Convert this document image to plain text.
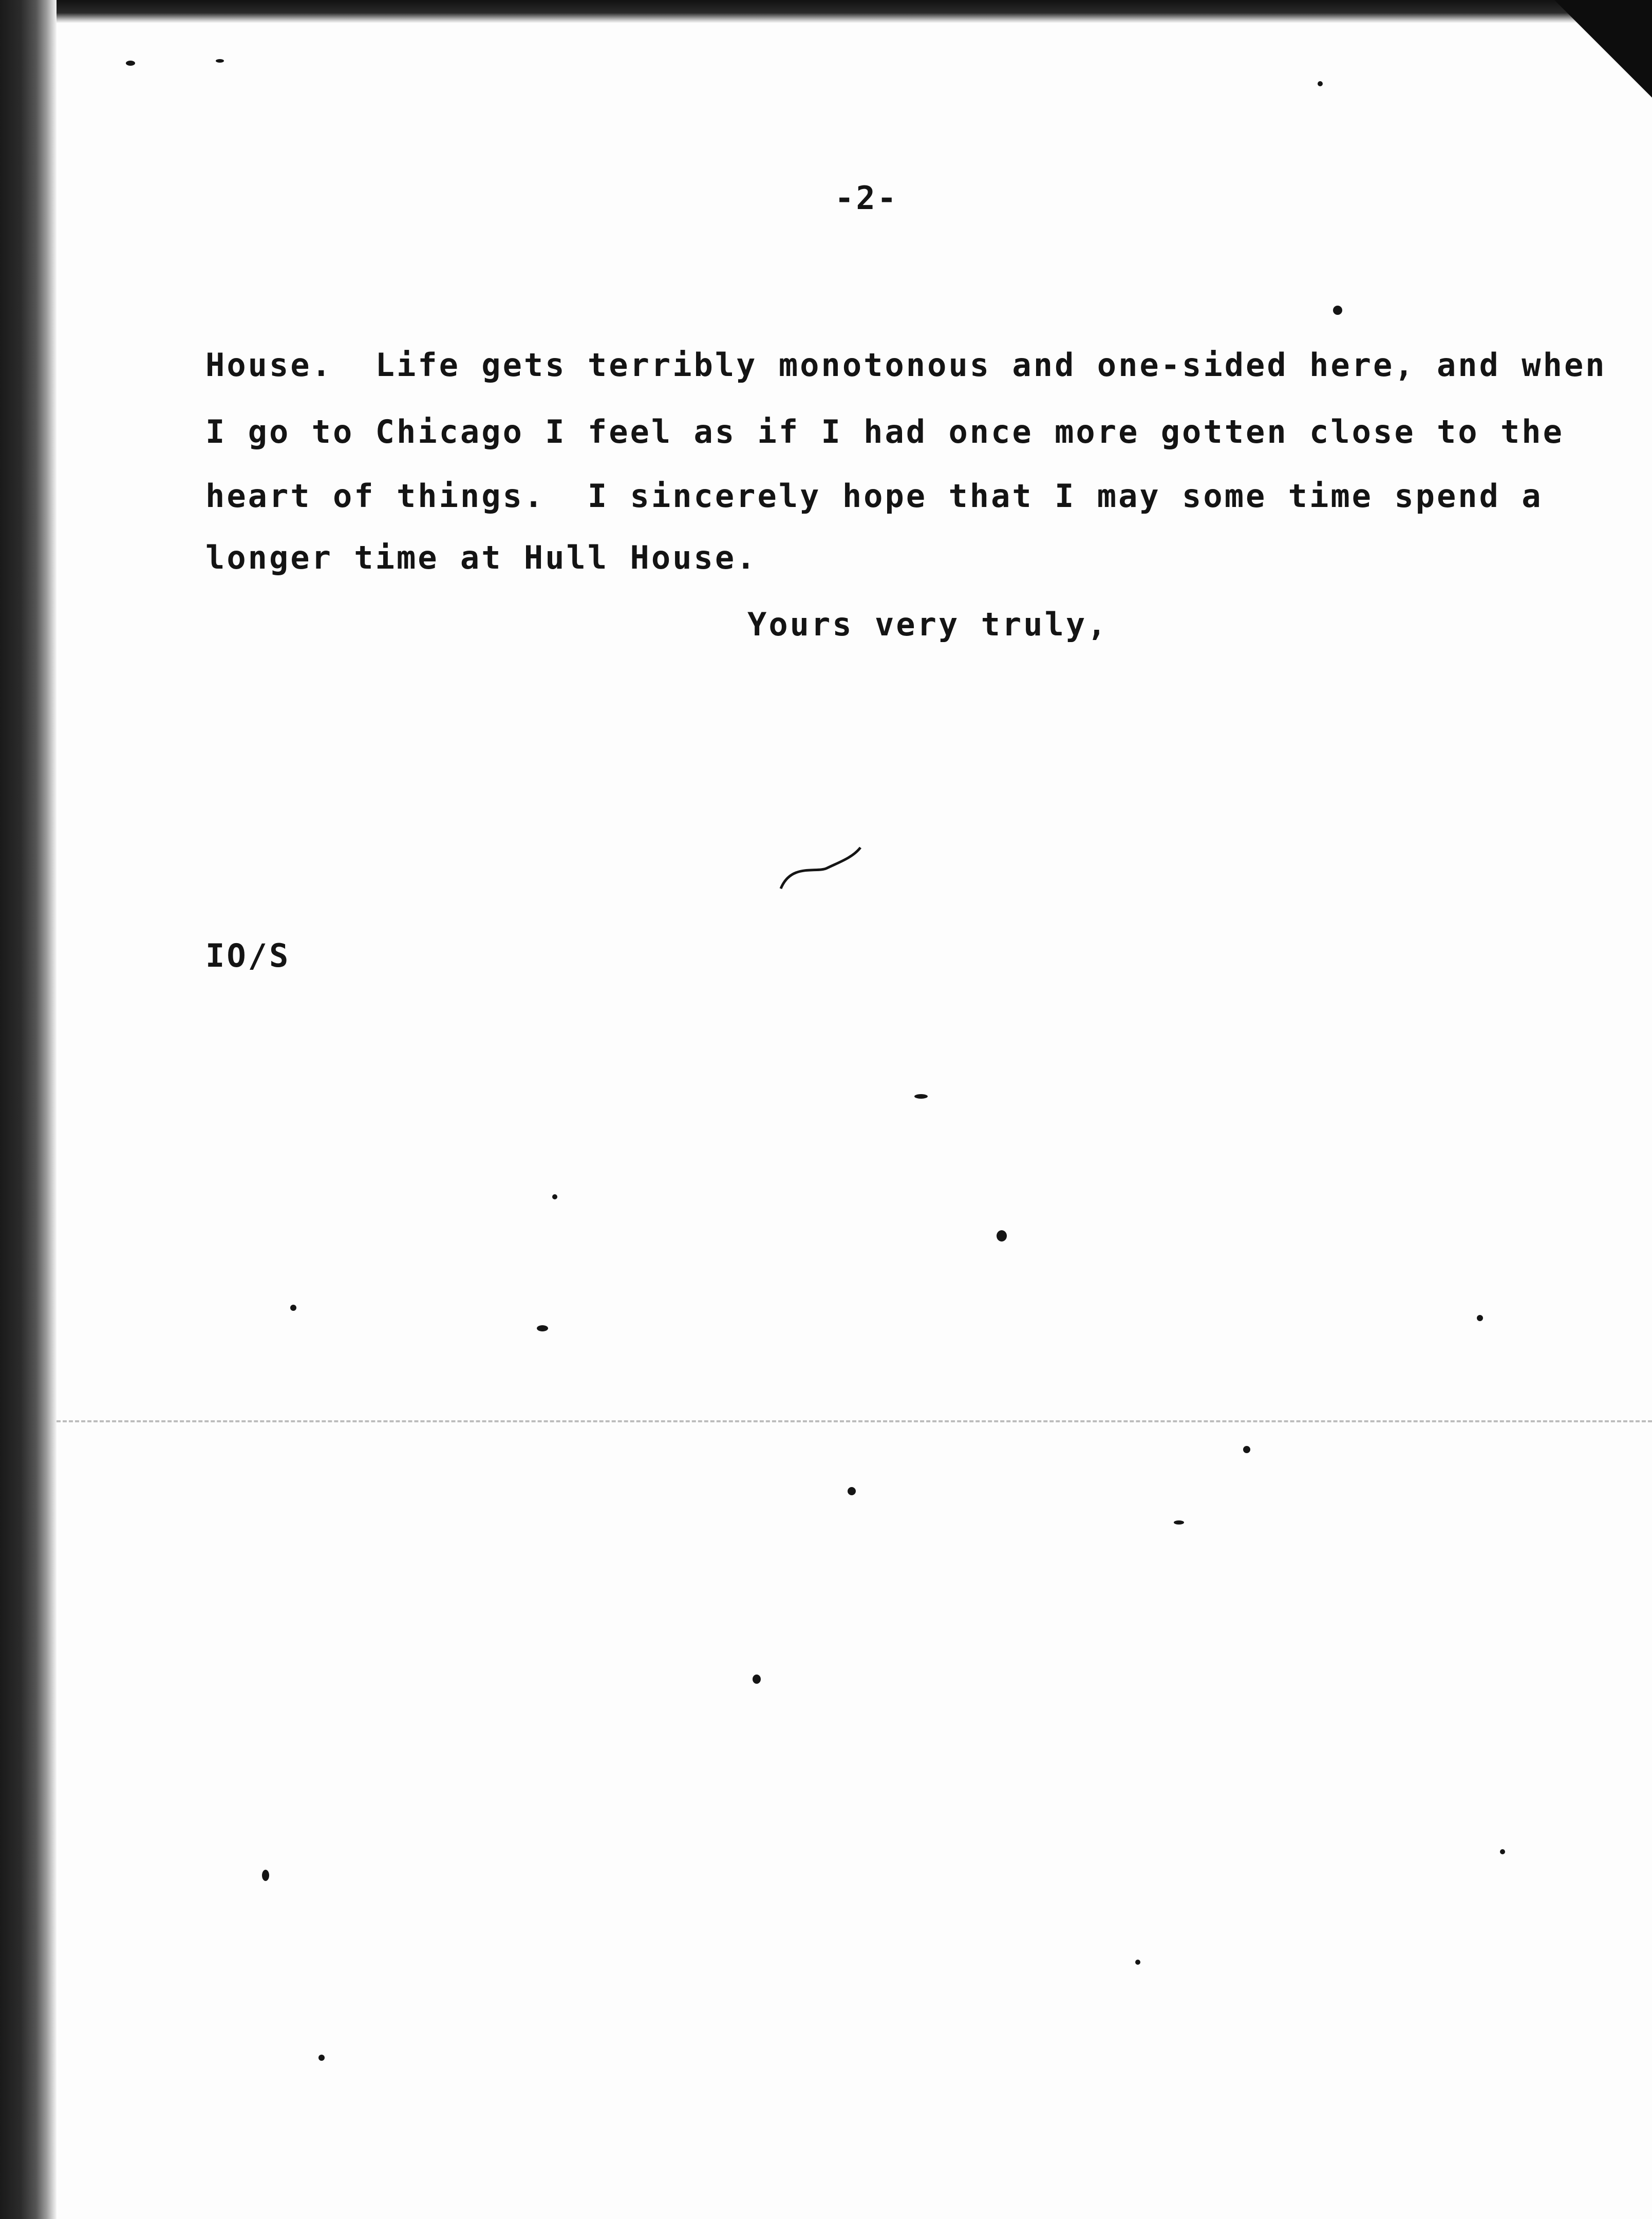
-2-
House.  Life gets terribly monotonous and one-sided here, and when
I go to Chicago I feel as if I had once more gotten close to the
heart of things.  I sincerely hope that I may some time spend a
longer time at Hull House.
Yours very truly,
IO/S
